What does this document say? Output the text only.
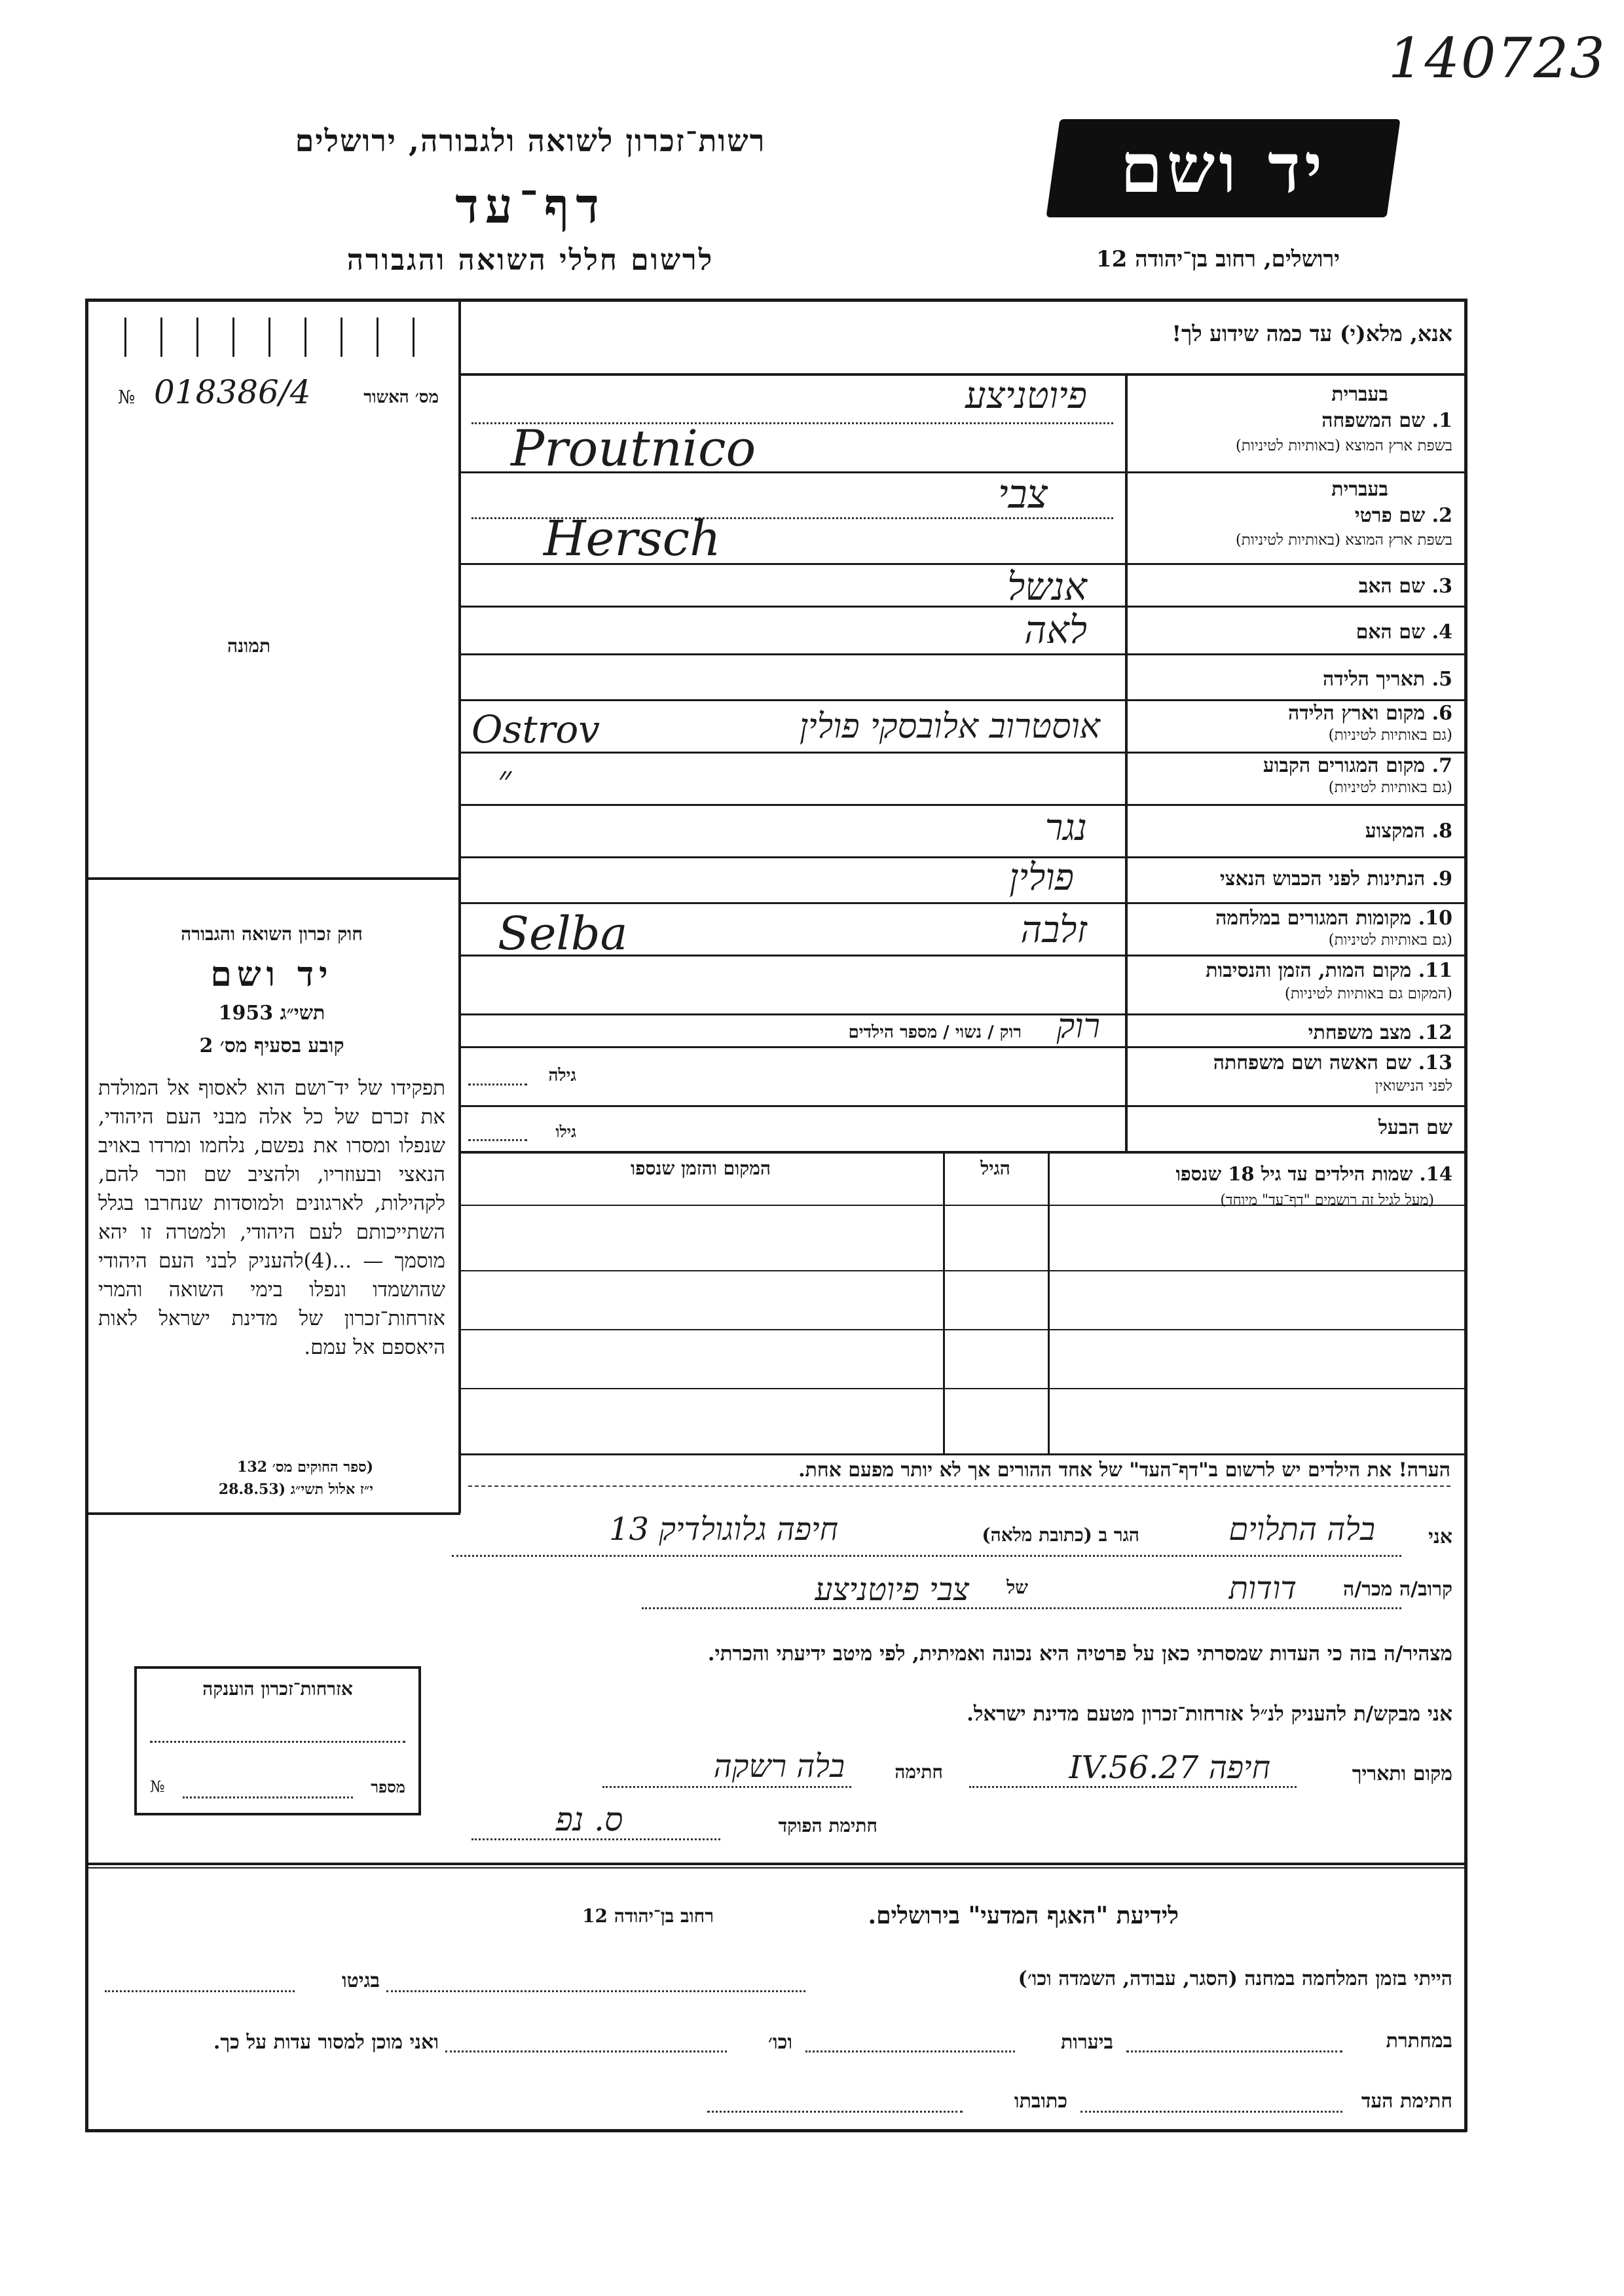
140723
רשות־זכרון לשואה ולגבורה, ירושלים
דף־עד
לרשום חללי השואה והגבורה
יד ושם
ירושלים, רחוב בן־יהודה 12
אנא, מלא(י) עד כמה שידוע לך!
מס׳ האשור
№ 018386/4
תמונה
בעברית
1. שם המשפחה
בשפת ארץ המוצא (באותיות לטיניות)
פיוטניצע
Proutnico
בעברית
2. שם פרטי
בשפת ארץ המוצא (באותיות לטיניות)
צבי
Hersch
3. שם האב
אנשל
4. שם האם
לאה
5. תאריך הלידה
6. מקום וארץ הלידה
(גם באותיות לטיניות)
אוסטרוב אלובסקי פולין
Ostrov
7. מקום המגורים הקבוע
(גם באותיות לטיניות)
״
8. המקצוע
נגר
9. הנתינות לפני הכבוש הנאצי
פולין
10. מקומות המגורים במלחמה
(גם באותיות לטיניות)
זלבה
Selba
11. מקום המות, הזמן והנסיבות
(המקום גם באותיות לטיניות)
12. מצב משפחתי
רוק / נשוי / מספר הילדים	רוק
13. שם האשה ושם משפחתה
לפני הנישואין
גילה
שם הבעל
גילו
14. שמות הילדים עד גיל 18 שנספו
(מעל לגיל זה רושמים "דף־עד" מיוחד)
הגיל
המקום והזמן שנספו
הערה! את הילדים יש לרשום ב"דף־העד" של אחד ההורים אך לא יותר מפעם אחת.
חוק זכרון השואה והגבורה
יד ושם
1953 תשי״ג
קובע בסעיף מס׳ 2
תפקידו של יד־ושם הוא לאסוף אל המולדת את זכרם של כל אלה מבני העם היהודי, שנפלו ומסרו את נפשם, נלחמו ומרדו באויב הנאצי ובעוזריו, ולהציב שם וזכר להם, לקהילות, לארגונים ולמוסדות שנחרבו בגלל השתייכותם לעם היהודי, ולמטרה זו יהא מוסמך — ...(4)להעניק לבני העם היהודי שהושמדו ונפלו בימי השואה והמרי אזרחות־זכרון של מדינת ישראל לאות היאספם אל עמם.
(ספר החוקים מס׳ 132
י״ז אלול תשי״ג (28.8.53
אני
בלה התלוים
הגר ב (כתובת מלאה)
חיפה גלוגולדיק 13
קרוב/ה מכר/ה
דודות
של
צבי פיוטניצע
מצהיר/ה בזה כי העדות שמסרתי כאן על פרטיה היא נכונה ואמיתית, לפי מיטב ידיעתי והכרתי.
אני מבקש/ת להעניק לנ״ל אזרחות־זכרון מטעם מדינת ישראל.
מקום ותאריך
חיפה 27.IV.56
חתימה
בלה רשקה
חתימת הפוקד
ס. נפ
אזרחות־זכרון הוענקה
№	מספר
לידיעת "האגף המדעי" בירושלים.
רחוב בן־יהודה 12
הייתי בזמן המלחמה במחנה (הסגר, עבודה, השמדה וכו׳)
בגיטו
במחתרת
ביערות
וכו׳
ואני מוכן למסור עדות על כך.
חתימת העד
כתובתו
